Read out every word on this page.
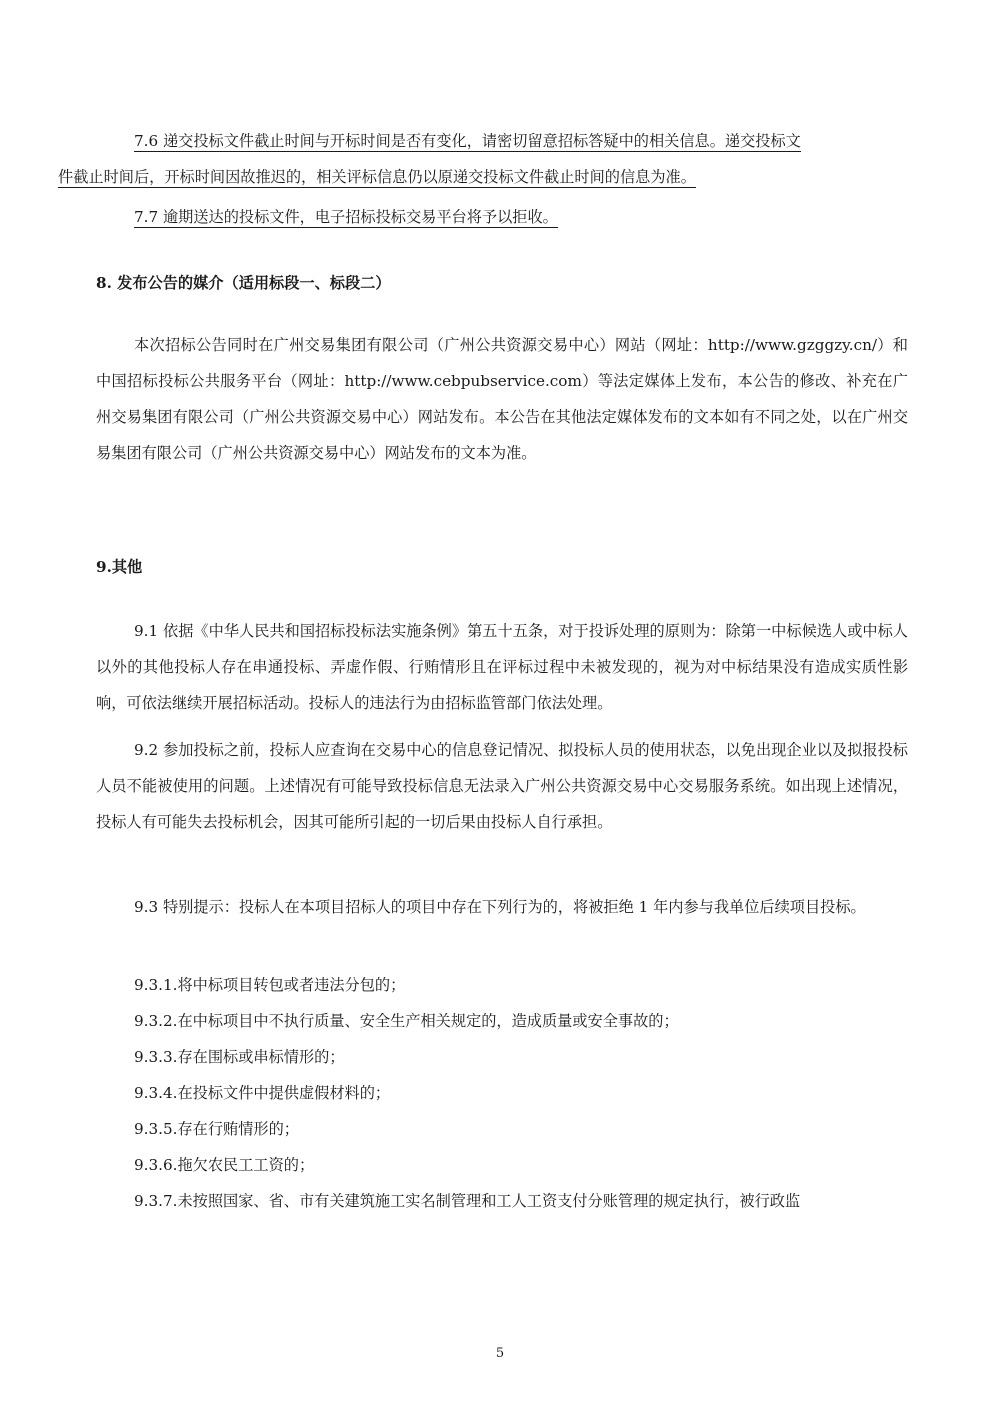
7.6 递交投标文件截止时间与开标时间是否有变化，请密切留意招标答疑中的相关信息。递交投标文
件截止时间后，开标时间因故推迟的，相关评标信息仍以原递交投标文件截止时间的信息为准。
7.7 逾期送达的投标文件，电子招标投标交易平台将予以拒收。
8. 发布公告的媒介（适用标段一、标段二）
本次招标公告同时在广州交易集团有限公司（广州公共资源交易中心）网站（网址：http://www.gzggzy.cn/）和中国招标投标公共服务平台（网址：http://www.cebpubservice.com）等法定媒体上发布，本公告的修改、补充在广州交易集团有限公司（广州公共资源交易中心）网站发布。本公告在其他法定媒体发布的文本如有不同之处，以在广州交易集团有限公司（广州公共资源交易中心）网站发布的文本为准。
9.其他
9.1 依据《中华人民共和国招标投标法实施条例》第五十五条，对于投诉处理的原则为：除第一中标候选人或中标人以外的其他投标人存在串通投标、弄虚作假、行贿情形且在评标过程中未被发现的，视为对中标结果没有造成实质性影响，可依法继续开展招标活动。投标人的违法行为由招标监管部门依法处理。
9.2 参加投标之前，投标人应查询在交易中心的信息登记情况、拟投标人员的使用状态，以免出现企业以及拟报投标人员不能被使用的问题。上述情况有可能导致投标信息无法录入广州公共资源交易中心交易服务系统。如出现上述情况，投标人有可能失去投标机会，因其可能所引起的一切后果由投标人自行承担。
9.3 特别提示：投标人在本项目招标人的项目中存在下列行为的，将被拒绝 1 年内参与我单位后续项目投标。
9.3.1.将中标项目转包或者违法分包的；
9.3.2.在中标项目中不执行质量、安全生产相关规定的，造成质量或安全事故的；
9.3.3.存在围标或串标情形的；
9.3.4.在投标文件中提供虚假材料的；
9.3.5.存在行贿情形的；
9.3.6.拖欠农民工工资的；
9.3.7.未按照国家、省、市有关建筑施工实名制管理和工人工资支付分账管理的规定执行，被行政监
5
